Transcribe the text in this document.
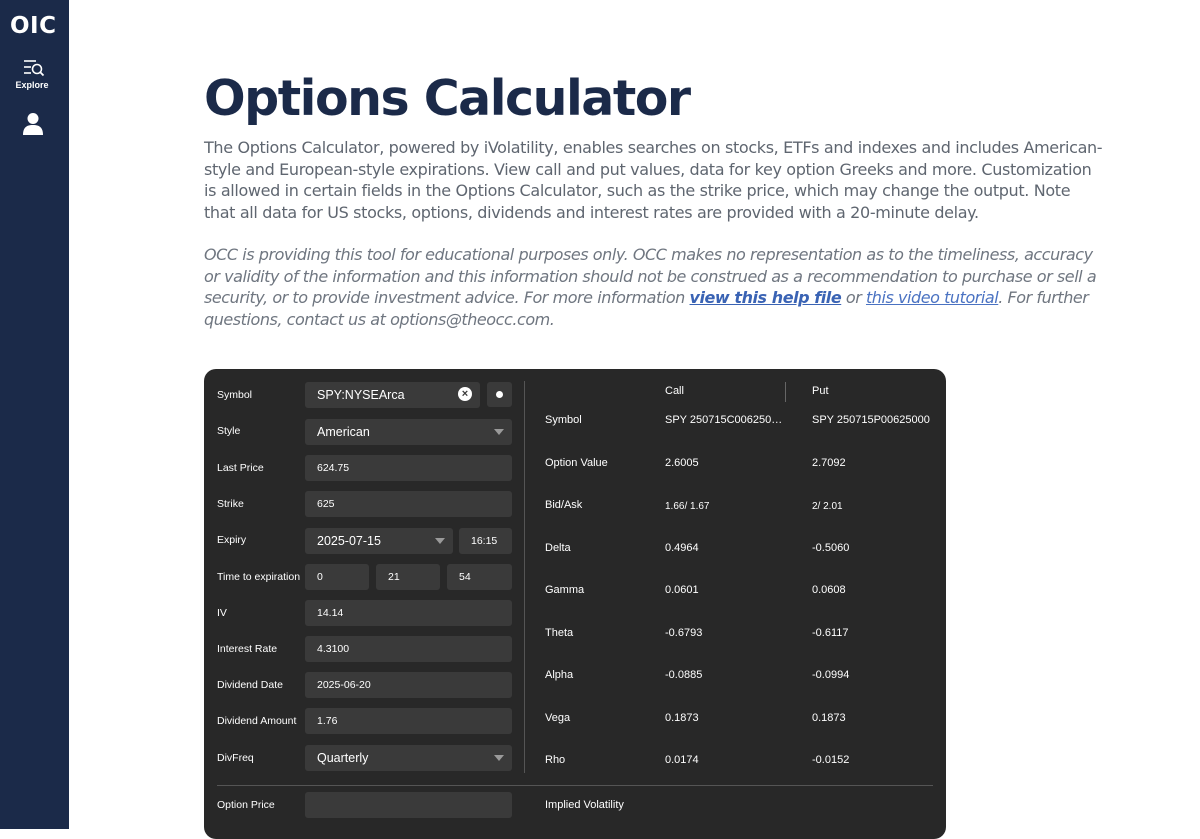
OIC
Explore	Options Calculator

The Options Calculator, powered by iVolatility, enables searches on stocks, ETFs and indexes and includes American-style and European-style expirations. View call and put values, data for key option Greeks and more. Customization is allowed in certain fields in the Options Calculator, such as the strike price, which may change the output. Note that all data for US stocks, options, dividends and interest rates are provided with a 20-minute delay.

OCC is providing this tool for educational purposes only. OCC makes no representation as to the timeliness, accuracy or validity of the information and this information should not be construed as a recommendation to purchase or sell a security, or to provide investment advice. For more information view this help file or this video tutorial. For further questions, contact us at options@theocc.com.

Symbol	SPY:NYSEArca	×
Style	American
Last Price	624.75
Strike	625
Expiry	2025-07-15	16:15
Time to expiration	0	21	54
IV	14.14
Interest Rate	4.3100
Dividend Date	2025-06-20
Dividend Amount	1.76
DivFreq	Quarterly
Option Price
Call	Put
Symbol	SPY 250715C006250…	SPY 250715P00625000
Option Value	2.6005	2.7092
Bid/Ask	1.66/ 1.67	2/ 2.01
Delta	0.4964	-0.5060
Gamma	0.0601	0.0608
Theta	-0.6793	-0.6117
Alpha	-0.0885	-0.0994
Vega	0.1873	0.1873
Rho	0.0174	-0.0152
Implied Volatility
